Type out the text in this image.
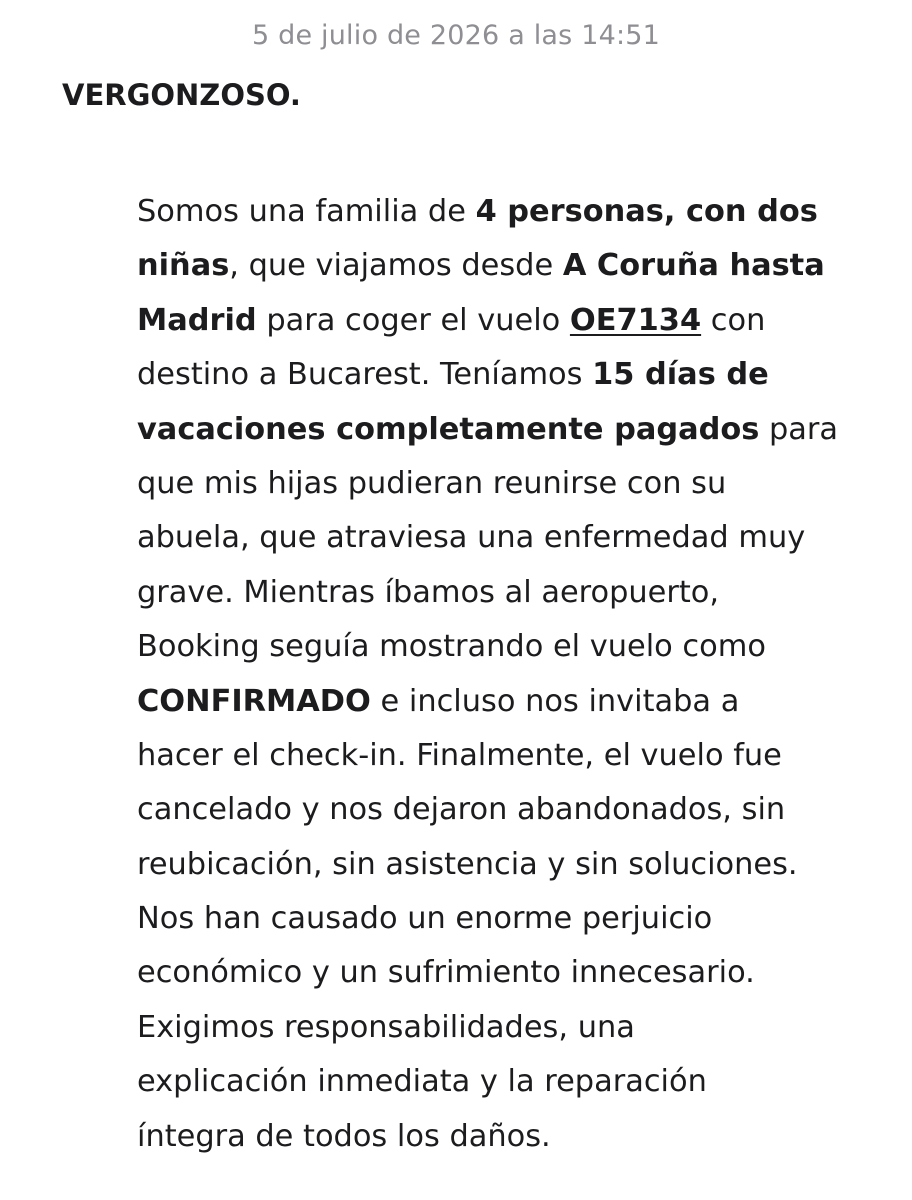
5 de julio de 2026 a las 14:51
VERGONZOSO.
Somos una familia de 4 personas, con dos
niñas, que viajamos desde A Coruña hasta
Madrid para coger el vuelo OE7134 con
destino a Bucarest. Teníamos 15 días de
vacaciones completamente pagados para
que mis hijas pudieran reunirse con su
abuela, que atraviesa una enfermedad muy
grave. Mientras íbamos al aeropuerto,
Booking seguía mostrando el vuelo como
CONFIRMADO e incluso nos invitaba a
hacer el check-in. Finalmente, el vuelo fue
cancelado y nos dejaron abandonados, sin
reubicación, sin asistencia y sin soluciones.
Nos han causado un enorme perjuicio
económico y un sufrimiento innecesario.
Exigimos responsabilidades, una
explicación inmediata y la reparación
íntegra de todos los daños.
